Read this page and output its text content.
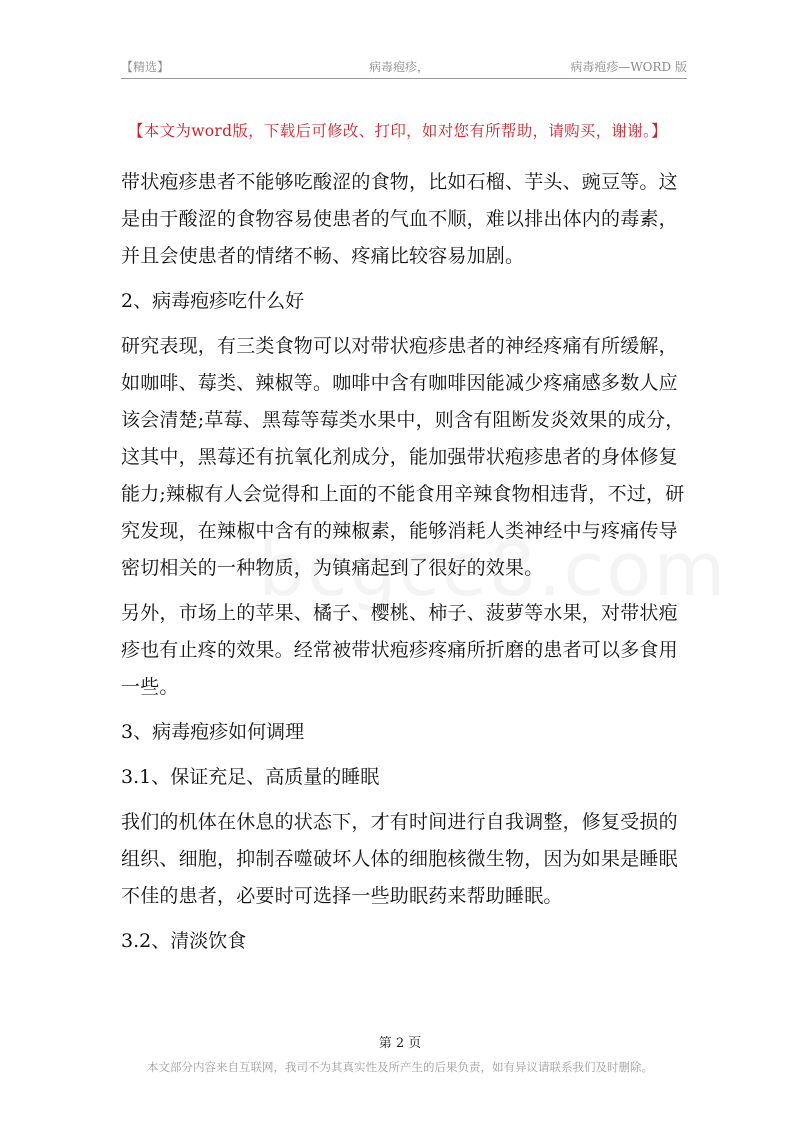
【精选】	病毒疱疹，	病毒疱疹—WORD 版
【本文为word版，下载后可修改、打印，如对您有所帮助，请购买，谢谢。】

带状疱疹患者不能够吃酸涩的食物，比如石榴、芋头、豌豆等。这是由于酸涩的食物容易使患者的气血不顺，难以排出体内的毒素，并且会使患者的情绪不畅、疼痛比较容易加剧。

2、病毒疱疹吃什么好

研究表现，有三类食物可以对带状疱疹患者的神经疼痛有所缓解，如咖啡、莓类、辣椒等。咖啡中含有咖啡因能减少疼痛感多数人应该会清楚;草莓、黑莓等莓类水果中，则含有阻断发炎效果的成分，这其中，黑莓还有抗氧化剂成分，能加强带状疱疹患者的身体修复能力;辣椒有人会觉得和上面的不能食用辛辣食物相违背，不过，研究发现，在辣椒中含有的辣椒素，能够消耗人类神经中与疼痛传导密切相关的一种物质，为镇痛起到了很好的效果。

另外，市场上的苹果、橘子、樱桃、柿子、菠萝等水果，对带状疱疹也有止疼的效果。经常被带状疱疹疼痛所折磨的患者可以多食用一些。

3、病毒疱疹如何调理

3.1、保证充足、高质量的睡眠

我们的机体在休息的状态下，才有时间进行自我调整，修复受损的组织、细胞，抑制吞噬破坏人体的细胞核微生物，因为如果是睡眠不佳的患者，必要时可选择一些助眠药来帮助睡眠。

3.2、清淡饮食

第 2 页
本文部分内容来自互联网，我司不为其真实性及所产生的后果负责，如有异议请联系我们及时删除。
